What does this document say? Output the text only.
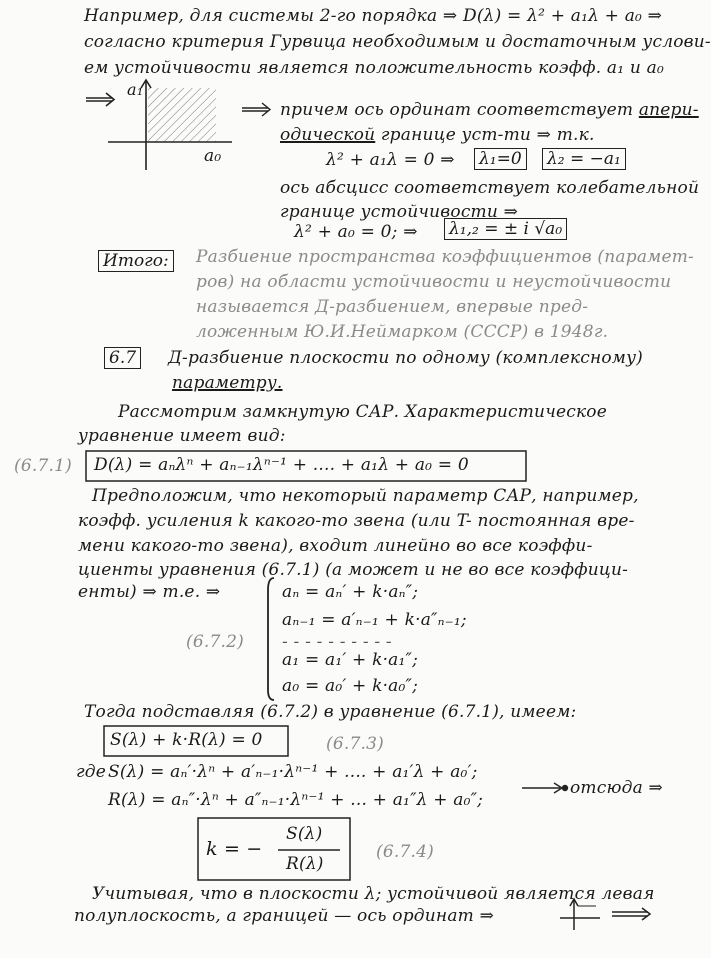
Например, для системы 2-го порядка ⇒ D(λ) = λ² + a₁λ + a₀ ⇒
согласно критерия Гурвица необходимым и достаточным услови-
ем устойчивости является положительность коэфф. a₁ и a₀
a₁
a₀
причем ось ординат соответствует апери-
одической границе уст-ти ⇒ т.к.
λ² + a₁λ = 0 ⇒ λ₁=0 λ₂ = −a₁
ось абсцисс соответствует колебательной
границе устойчивости ⇒
λ² + a₀ = 0; ⇒ λ₁,₂ = ± i √a₀
Итого: Разбиение пространства коэффициентов (парамет-
ров) на области устойчивости и неустойчивости
называется Д-разбиением, впервые пред-
ложенным Ю.И.Неймарком (СССР) в 1948г.
6.7 Д-разбиение плоскости по одному (комплексному)
параметру.
Рассмотрим замкнутую САР. Характеристическое
уравнение имеет вид:
(6.7.1) D(λ) = aₙλⁿ + aₙ₋₁λⁿ⁻¹ + .... + a₁λ + a₀ = 0
Предположим, что некоторый параметр САР, например,
коэфф. усиления k какого-то звена (или T- постоянная вре-
мени какого-то звена), входит линейно во все коэффи-
циенты уравнения (6.7.1) (а может и не во все коэффици-
енты) ⇒ т.е. ⇒	aₙ = aₙ′ + k·aₙ″;
aₙ₋₁ = a′ₙ₋₁ + k·a″ₙ₋₁;
- - - - - - - - - -
a₁ = a₁′ + k·a₁″;
a₀ = a₀′ + k·a₀″;
(6.7.2)
Тогда подставляя (6.7.2) в уравнение (6.7.1), имеем:
S(λ) + k·R(λ) = 0	(6.7.3)
где S(λ) = aₙ′·λⁿ + a′ₙ₋₁·λⁿ⁻¹ + .... + a₁′λ + a₀′;
R(λ) = aₙ″·λⁿ + a″ₙ₋₁·λⁿ⁻¹ + ... + a₁″λ + a₀″;
отсюда ⇒
k = −
S(λ)
R(λ)
(6.7.4)
Учитывая, что в плоскости λ; устойчивой является левая
полуплоскость, а границей — ось ординат ⇒
